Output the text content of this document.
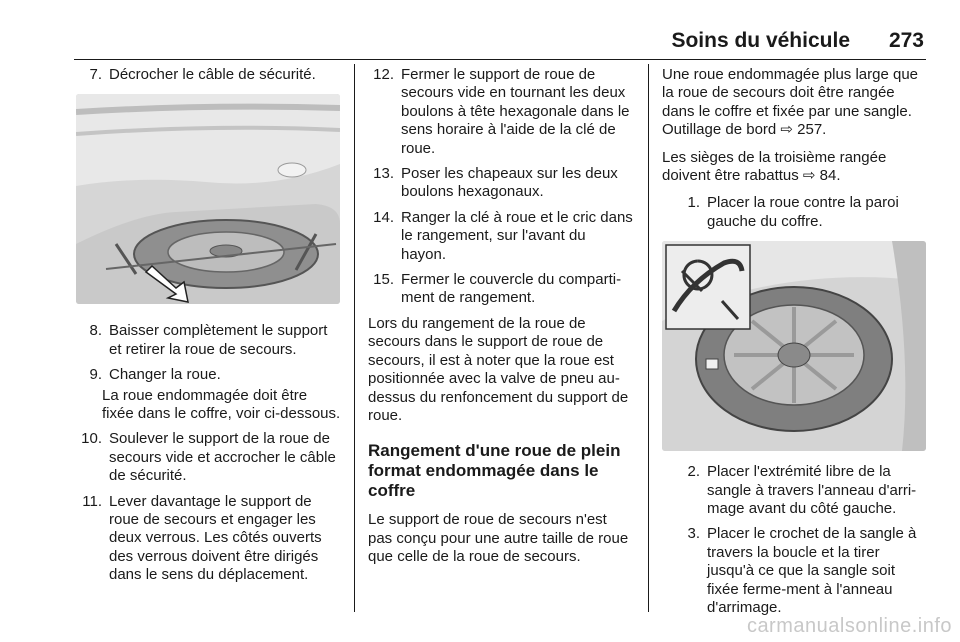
Soins du véhicule 273
7. Décrocher le câble de sécurité.
8. Baisser complètement le support et retirer la roue de secours.
9. Changer la roue.
La roue endommagée doit être fixée dans le coffre, voir ci-dessous.
10. Soulever le support de la roue de secours vide et accrocher le câble de sécurité.
11. Lever davantage le support de roue de secours et engager les deux verrous. Les côtés ouverts des verrous doivent être dirigés dans le sens du déplacement.
12. Fermer le support de roue de secours vide en tournant les deux boulons à tête hexagonale dans le sens horaire à l'aide de la clé de roue.
13. Poser les chapeaux sur les deux boulons hexagonaux.
14. Ranger la clé à roue et le cric dans le rangement, sur l'avant du hayon.
15. Fermer le couvercle du comparti-ment de rangement.
Lors du rangement de la roue de secours dans le support de roue de secours, il est à noter que la roue est positionnée avec la valve de pneu au-dessus du renfoncement du support de roue.
Rangement d'une roue de plein format endommagée dans le coffre
Le support de roue de secours n'est pas conçu pour une autre taille de roue que celle de la roue de secours.
Une roue endommagée plus large que la roue de secours doit être rangée dans le coffre et fixée par une sangle. Outillage de bord ⇨ 257.
Les sièges de la troisième rangée doivent être rabattus ⇨ 84.
1. Placer la roue contre la paroi gauche du coffre.
2. Placer l'extrémité libre de la sangle à travers l'anneau d'arri-mage avant du côté gauche.
3. Placer le crochet de la sangle à travers la boucle et la tirer jusqu'à ce que la sangle soit fixée ferme-ment à l'anneau d'arrimage.
carmanualsonline.info
